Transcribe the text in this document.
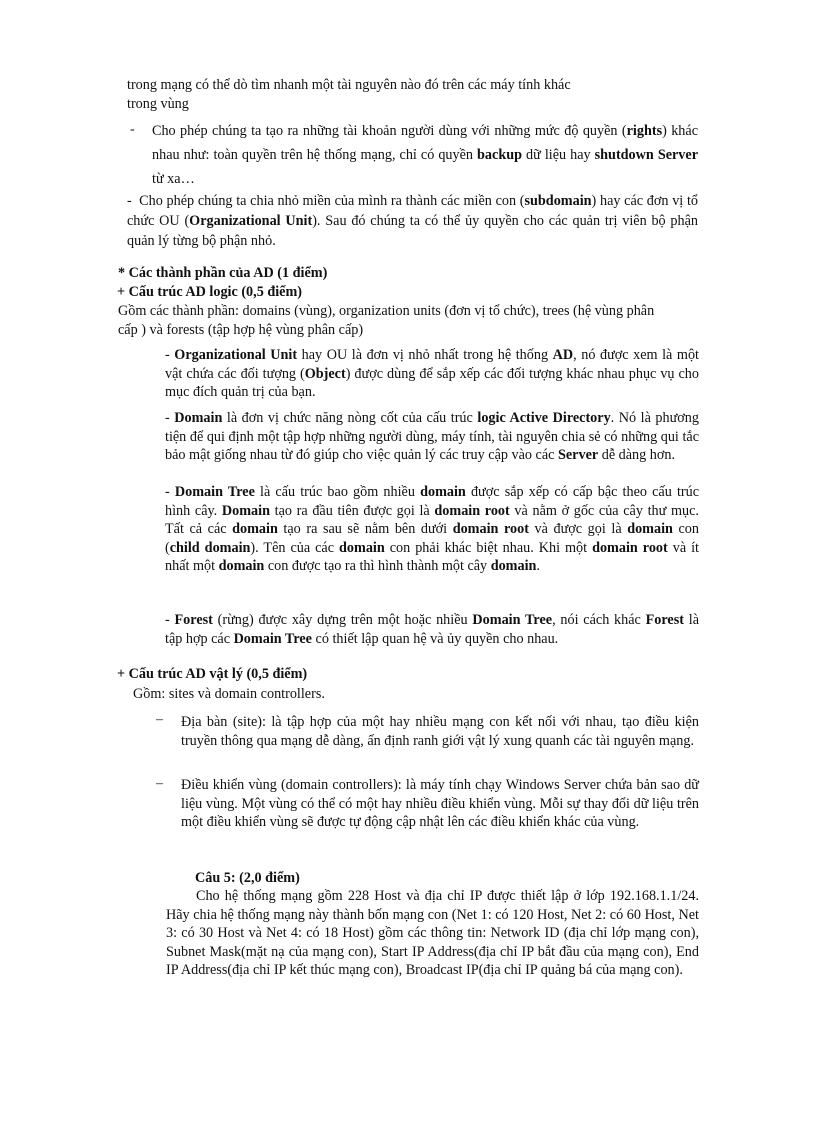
trong mạng có thể dò tìm nhanh một tài nguyên nào đó trên các máy tính khác
trong vùng
- Cho phép chúng ta tạo ra những tài khoản người dùng với những mức độ quyền (rights) khác nhau như: toàn quyền trên hệ thống mạng, chỉ có quyền backup dữ liệu hay shutdown Server từ xa…
- Cho phép chúng ta chia nhỏ miền của mình ra thành các miền con (subdomain) hay các đơn vị tổ chức OU (Organizational Unit). Sau đó chúng ta có thể ủy quyền cho các quản trị viên bộ phận quản lý từng bộ phận nhỏ.
* Các thành phần của AD (1 điểm)
+ Cấu trúc AD logic (0,5 điểm)
Gồm các thành phần: domains (vùng), organization units (đơn vị tổ chức), trees (hệ vùng phân cấp ) và forests (tập hợp hệ vùng phân cấp)
- Organizational Unit hay OU là đơn vị nhỏ nhất trong hệ thống AD, nó được xem là một vật chứa các đối tượng (Object) được dùng để sắp xếp các đối tượng khác nhau phục vụ cho mục đích quản trị của bạn.
- Domain là đơn vị chức năng nòng cốt của cấu trúc logic Active Directory. Nó là phương tiện để qui định một tập hợp những người dùng, máy tính, tài nguyên chia sẻ có những qui tắc bảo mật giống nhau từ đó giúp cho việc quản lý các truy cập vào các Server dễ dàng hơn.
- Domain Tree là cấu trúc bao gồm nhiều domain được sắp xếp có cấp bậc theo cấu trúc hình cây. Domain tạo ra đầu tiên được gọi là domain root và nằm ở gốc của cây thư mục. Tất cả các domain tạo ra sau sẽ nằm bên dưới domain root và được gọi là domain con (child domain). Tên của các domain con phải khác biệt nhau. Khi một domain root và ít nhất một domain con được tạo ra thì hình thành một cây domain.
- Forest (rừng) được xây dựng trên một hoặc nhiều Domain Tree, nói cách khác Forest là tập hợp các Domain Tree có thiết lập quan hệ và ủy quyền cho nhau.
+ Cấu trúc AD vật lý (0,5 điểm)
Gồm: sites và domain controllers.
– Địa bàn (site): là tập hợp của một hay nhiều mạng con kết nối với nhau, tạo điều kiện truyền thông qua mạng dễ dàng, ấn định ranh giới vật lý xung quanh các tài nguyên mạng.
– Điều khiển vùng (domain controllers): là máy tính chạy Windows Server chứa bản sao dữ liệu vùng. Một vùng có thể có một hay nhiều điều khiển vùng. Mỗi sự thay đổi dữ liệu trên một điều khiển vùng sẽ được tự động cập nhật lên các điều khiển khác của vùng.
Câu 5: (2,0 điểm)
Cho hệ thống mạng gồm 228 Host và địa chỉ IP được thiết lập ở lớp 192.168.1.1/24. Hãy chia hệ thống mạng này thành bốn mạng con (Net 1: có 120 Host, Net 2: có 60 Host, Net 3: có 30 Host và Net 4: có 18 Host) gồm các thông tin: Network ID (địa chỉ lớp mạng con), Subnet Mask(mặt nạ của mạng con), Start IP Address(địa chỉ IP bắt đầu của mạng con), End IP Address(địa chỉ IP kết thúc mạng con), Broadcast IP(địa chỉ IP quảng bá của mạng con).
